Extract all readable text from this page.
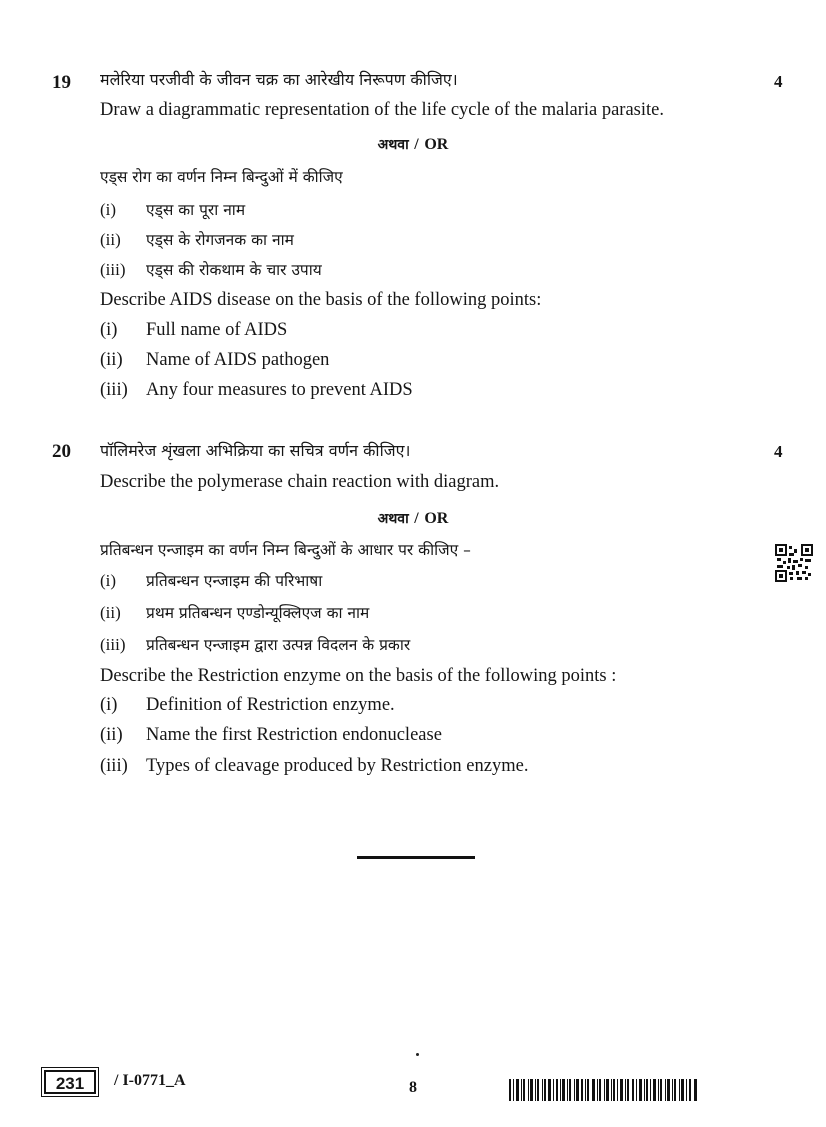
19	4
मलेरिया परजीवी के जीवन चक्र का आरेखीय निरूपण कीजिए।
Draw a diagrammatic representation of the life cycle of the malaria parasite.
अथवा / OR
एड्स रोग का वर्णन निम्न बिन्दुओं में कीजिए
(i) एड्स का पूरा नाम
(ii) एड्स के रोगजनक का नाम
(iii) एड्स की रोकथाम के चार उपाय
Describe AIDS disease on the basis of the following points:
(i) Full name of AIDS
(ii) Name of AIDS pathogen
(iii) Any four measures to prevent AIDS
20	4
पॉलिमरेज शृंखला अभिक्रिया का सचित्र वर्णन कीजिए।
Describe the polymerase chain reaction with diagram.
अथवा / OR
प्रतिबन्धन एन्जाइम का वर्णन निम्न बिन्दुओं के आधार पर कीजिए –
(i) प्रतिबन्धन एन्जाइम की परिभाषा
(ii) प्रथम प्रतिबन्धन एण्डोन्यूक्लिएज का नाम
(iii) प्रतिबन्धन एन्जाइम द्वारा उत्पन्न विदलन के प्रकार
Describe the Restriction enzyme on the basis of the following points :
(i) Definition of Restriction enzyme.
(ii) Name the first Restriction endonuclease
(iii) Types of cleavage produced by Restriction enzyme.
231	/ I-0771_A	8
